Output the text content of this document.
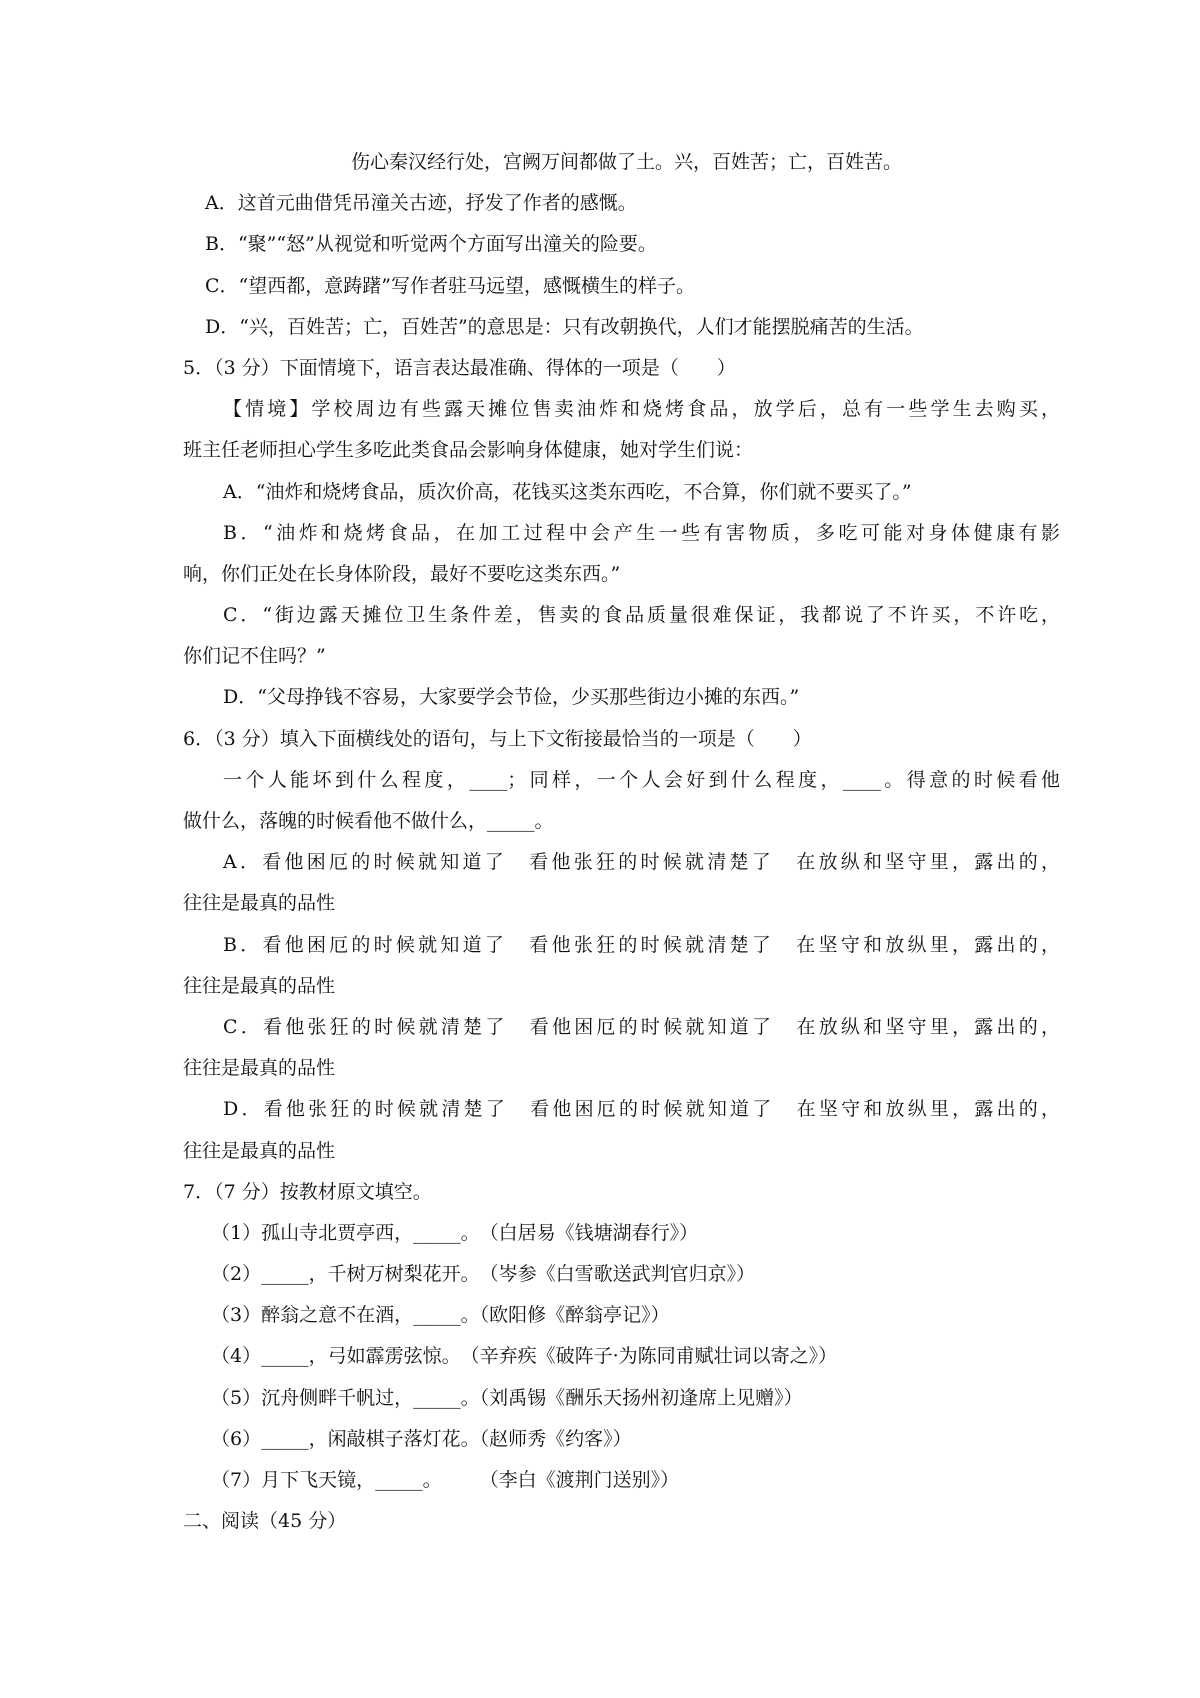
伤心秦汉经行处，宫阙万间都做了土。兴，百姓苦；亡，百姓苦。
A．这首元曲借凭吊潼关古迹，抒发了作者的感慨。
B．“聚”“怒”从视觉和听觉两个方面写出潼关的险要。
C．“望西都，意踌躇”写作者驻马远望，感慨横生的样子。
D．“兴，百姓苦；亡，百姓苦”的意思是：只有改朝换代，人们才能摆脱痛苦的生活。
5．（3 分）下面情境下，语言表达最准确、得体的一项是（　　）
【情境】学校周边有些露天摊位售卖油炸和烧烤食品，放学后，总有一些学生去购买，
班主任老师担心学生多吃此类食品会影响身体健康，她对学生们说：
A．“油炸和烧烤食品，质次价高，花钱买这类东西吃，不合算，你们就不要买了。”
B．“油炸和烧烤食品，在加工过程中会产生一些有害物质，多吃可能对身体健康有影
响，你们正处在长身体阶段，最好不要吃这类东西。”
C．“街边露天摊位卫生条件差，售卖的食品质量很难保证，我都说了不许买，不许吃，
你们记不住吗？”
D．“父母挣钱不容易，大家要学会节俭，少买那些街边小摊的东西。”
6．（3 分）填入下面横线处的语句，与上下文衔接最恰当的一项是（　　）
一个人能坏到什么程度，____；同样，一个人会好到什么程度，____。得意的时候看他
做什么，落魄的时候看他不做什么，_____。
A．看他困厄的时候就知道了　看他张狂的时候就清楚了　在放纵和坚守里，露出的，
往往是最真的品性
B．看他困厄的时候就知道了　看他张狂的时候就清楚了　在坚守和放纵里，露出的，
往往是最真的品性
C．看他张狂的时候就清楚了　看他困厄的时候就知道了　在放纵和坚守里，露出的，
往往是最真的品性
D．看他张狂的时候就清楚了　看他困厄的时候就知道了　在坚守和放纵里，露出的，
往往是最真的品性
7．（7 分）按教材原文填空。
（1）孤山寺北贾亭西，_____。　（白居易《钱塘湖春行》）
（2）_____，千树万树梨花开。　（岑参《白雪歌送武判官归京》）
（3）醉翁之意不在酒，_____。（欧阳修《醉翁亭记》）
（4）_____，弓如霹雳弦惊。　（辛弃疾《破阵子·为陈同甫赋壮词以寄之》）
（5）沉舟侧畔千帆过，_____。（刘禹锡《酬乐天扬州初逢席上见赠》）
（6）_____，闲敲棋子落灯花。（赵师秀《约客》）
（7）月下飞天镜，_____。　　　（李白《渡荆门送别》）
二、阅读（45 分）
